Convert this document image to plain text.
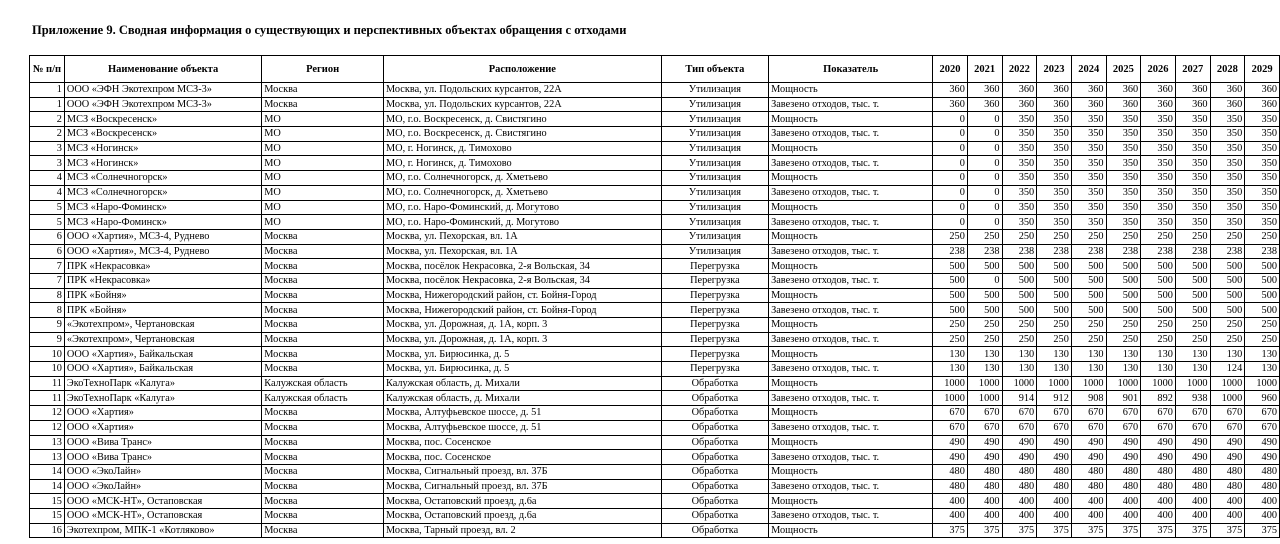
Приложение 9. Сводная информация о существующих и перспективных объектах обращения с отходами
№ п/п	Наименование объекта	Регион	Расположение	Тип объекта	Показатель	2020	2021	2022	2023	2024	2025	2026	2027	2028	2029
1	ООО «ЭФН Экотехпром МСЗ-3»	Москва	Москва, ул. Подольских курсантов, 22А	Утилизация	Мощность	360	360	360	360	360	360	360	360	360	360
1	ООО «ЭФН Экотехпром МСЗ-3»	Москва	Москва, ул. Подольских курсантов, 22А	Утилизация	Завезено отходов, тыс. т.	360	360	360	360	360	360	360	360	360	360
2	МСЗ «Воскресенск»	МО	МО, г.о. Воскресенск, д. Свистягино	Утилизация	Мощность	0	0	350	350	350	350	350	350	350	350
2	МСЗ «Воскресенск»	МО	МО, г.о. Воскресенск, д. Свистягино	Утилизация	Завезено отходов, тыс. т.	0	0	350	350	350	350	350	350	350	350
3	МСЗ «Ногинск»	МО	МО, г. Ногинск, д. Тимохово	Утилизация	Мощность	0	0	350	350	350	350	350	350	350	350
3	МСЗ «Ногинск»	МО	МО, г. Ногинск, д. Тимохово	Утилизация	Завезено отходов, тыс. т.	0	0	350	350	350	350	350	350	350	350
4	МСЗ «Солнечногорск»	МО	МО, г.о. Солнечногорск, д. Хметьево	Утилизация	Мощность	0	0	350	350	350	350	350	350	350	350
4	МСЗ «Солнечногорск»	МО	МО, г.о. Солнечногорск, д. Хметьево	Утилизация	Завезено отходов, тыс. т.	0	0	350	350	350	350	350	350	350	350
5	МСЗ «Наро-Фоминск»	МО	МО, г.о. Наро-Фоминский, д. Могутово	Утилизация	Мощность	0	0	350	350	350	350	350	350	350	350
5	МСЗ «Наро-Фоминск»	МО	МО, г.о. Наро-Фоминский, д. Могутово	Утилизация	Завезено отходов, тыс. т.	0	0	350	350	350	350	350	350	350	350
6	ООО «Хартия», МСЗ-4, Руднево	Москва	Москва, ул. Пехорская, вл. 1А	Утилизация	Мощность	250	250	250	250	250	250	250	250	250	250
6	ООО «Хартия», МСЗ-4, Руднево	Москва	Москва, ул. Пехорская, вл. 1А	Утилизация	Завезено отходов, тыс. т.	238	238	238	238	238	238	238	238	238	238
7	ПРК «Некрасовка»	Москва	Москва, посёлок Некрасовка, 2-я Вольская, 34	Перегрузка	Мощность	500	500	500	500	500	500	500	500	500	500
7	ПРК «Некрасовка»	Москва	Москва, посёлок Некрасовка, 2-я Вольская, 34	Перегрузка	Завезено отходов, тыс. т.	500	0	500	500	500	500	500	500	500	500
8	ПРК «Бойня»	Москва	Москва, Нижегородский район, ст. Бойня-Город	Перегрузка	Мощность	500	500	500	500	500	500	500	500	500	500
8	ПРК «Бойня»	Москва	Москва, Нижегородский район, ст. Бойня-Город	Перегрузка	Завезено отходов, тыс. т.	500	500	500	500	500	500	500	500	500	500
9	«Экотехпром», Чертановская	Москва	Москва, ул. Дорожная, д. 1А, корп. 3	Перегрузка	Мощность	250	250	250	250	250	250	250	250	250	250
9	«Экотехпром», Чертановская	Москва	Москва, ул. Дорожная, д. 1А, корп. 3	Перегрузка	Завезено отходов, тыс. т.	250	250	250	250	250	250	250	250	250	250
10	ООО «Хартия», Байкальская	Москва	Москва, ул. Бирюсинка, д. 5	Перегрузка	Мощность	130	130	130	130	130	130	130	130	130	130
10	ООО «Хартия», Байкальская	Москва	Москва, ул. Бирюсинка, д. 5	Перегрузка	Завезено отходов, тыс. т.	130	130	130	130	130	130	130	130	124	130
11	ЭкоТехноПарк «Калуга»	Калужская область	Калужская область, д. Михали	Обработка	Мощность	1000	1000	1000	1000	1000	1000	1000	1000	1000	1000
11	ЭкоТехноПарк «Калуга»	Калужская область	Калужская область, д. Михали	Обработка	Завезено отходов, тыс. т.	1000	1000	914	912	908	901	892	938	1000	960
12	ООО «Хартия»	Москва	Москва, Алтуфьевское шоссе, д. 51	Обработка	Мощность	670	670	670	670	670	670	670	670	670	670
12	ООО «Хартия»	Москва	Москва, Алтуфьевское шоссе, д. 51	Обработка	Завезено отходов, тыс. т.	670	670	670	670	670	670	670	670	670	670
13	ООО «Вива Транс»	Москва	Москва, пос. Сосенское	Обработка	Мощность	490	490	490	490	490	490	490	490	490	490
13	ООО «Вива Транс»	Москва	Москва, пос. Сосенское	Обработка	Завезено отходов, тыс. т.	490	490	490	490	490	490	490	490	490	490
14	ООО «ЭкоЛайн»	Москва	Москва, Сигнальный проезд, вл. 37Б	Обработка	Мощность	480	480	480	480	480	480	480	480	480	480
14	ООО «ЭкоЛайн»	Москва	Москва, Сигнальный проезд, вл. 37Б	Обработка	Завезено отходов, тыс. т.	480	480	480	480	480	480	480	480	480	480
15	ООО «МСК-НТ», Остаповская	Москва	Москва, Остаповский проезд, д.6а	Обработка	Мощность	400	400	400	400	400	400	400	400	400	400
15	ООО «МСК-НТ», Остаповская	Москва	Москва, Остаповский проезд, д.6а	Обработка	Завезено отходов, тыс. т.	400	400	400	400	400	400	400	400	400	400
16	Экотехпром, МПК-1 «Котляково»	Москва	Москва, Тарный проезд, вл. 2	Обработка	Мощность	375	375	375	375	375	375	375	375	375	375
